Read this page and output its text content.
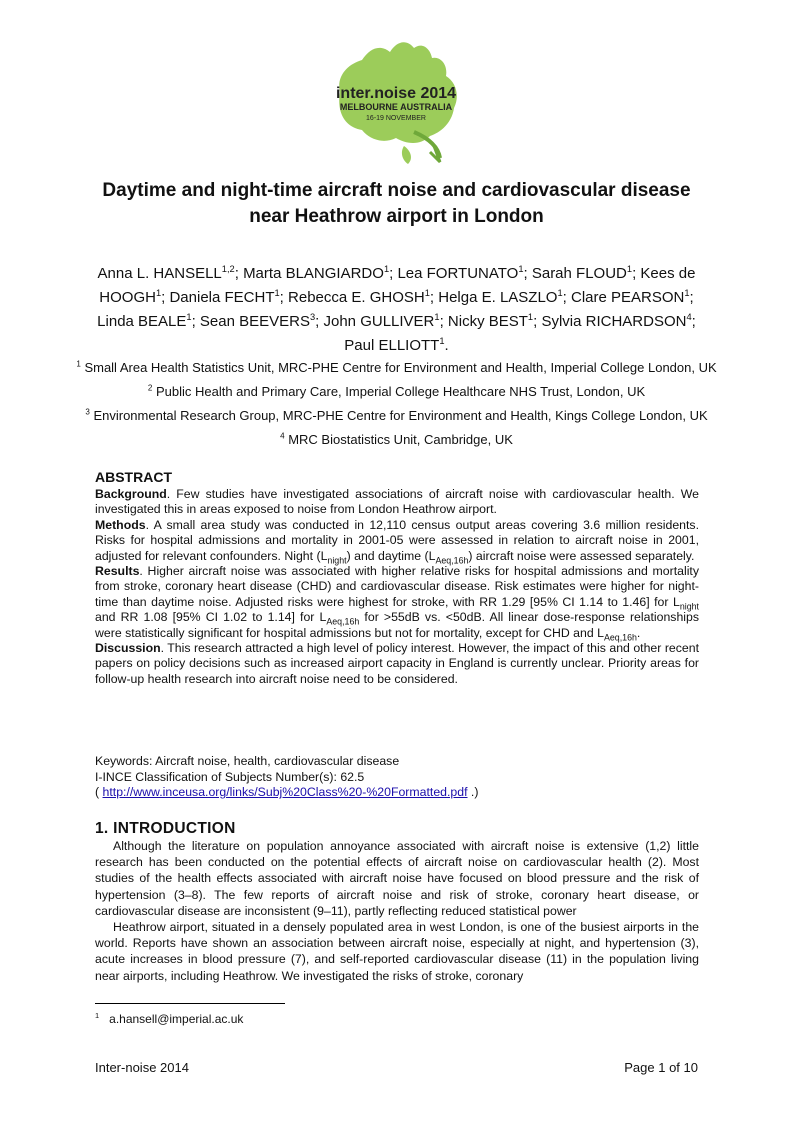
inter.noise 2014
MELBOURNE AUSTRALIA
16-19 NOVEMBER
Daytime and night-time aircraft noise and cardiovascular disease
near Heathrow airport in London
Anna L. HANSELL$^{1,2}$; Marta BLANGIARDO$^1$; Lea FORTUNATO$^1$; Sarah FLOUD$^1$; Kees de HOOGH$^1$; Daniela FECHT$^1$; Rebecca E. GHOSH$^1$; Helga E. LASZLO$^1$; Clare PEARSON$^1$; Linda BEALE$^1$; Sean BEEVERS$^3$; John GULLIVER$^1$; Nicky BEST$^1$; Sylvia RICHARDSON$^4$; Paul ELLIOTT$^1$.
$^1$ Small Area Health Statistics Unit, MRC-PHE Centre for Environment and Health, Imperial College London, UK
$^2$ Public Health and Primary Care, Imperial College Healthcare NHS Trust, London, UK
$^3$ Environmental Research Group, MRC-PHE Centre for Environment and Health, Kings College London, UK
$^4$ MRC Biostatistics Unit, Cambridge, UK
ABSTRACT

Background. Few studies have investigated associations of aircraft noise with cardiovascular health. We investigated this in areas exposed to noise from London Heathrow airport.

Methods. A small area study was conducted in 12,110 census output areas covering 3.6 million residents. Risks for hospital admissions and mortality in 2001-05 were assessed in relation to aircraft noise in 2001, adjusted for relevant confounders. Night $(L_{night})$ and daytime $(L_{Aeq,16h})$ aircraft noise were assessed separately.

Results. Higher aircraft noise was associated with higher relative risks for hospital admissions and mortality from stroke, coronary heart disease (CHD) and cardiovascular disease. Risk estimates were higher for night-time than daytime noise. Adjusted risks were highest for stroke, with RR 1.29 [95% CI 1.14 to 1.46] for $L_{night}$ and RR 1.08 [95% CI 1.02 to 1.14] for $L_{Aeq,16h}$ for >55dB vs. <50dB. All linear dose-response relationships were statistically significant for hospital admissions but not for mortality, except for CHD and $L_{Aeq,16h}$.

Discussion. This research attracted a high level of policy interest. However, the impact of this and other recent papers on policy decisions such as increased airport capacity in England is currently unclear. Priority areas for follow-up health research into aircraft noise need to be considered.

Keywords: Aircraft noise, health, cardiovascular disease
I-INCE Classification of Subjects Number(s): 62.5
( http://www.inceusa.org/links/Subj%20Class%20-%20Formatted.pdf .)
1. INTRODUCTION

Although the literature on population annoyance associated with aircraft noise is extensive (1,2) little research has been conducted on the potential effects of aircraft noise on cardiovascular health (2). Most studies of the health effects associated with aircraft noise have focused on blood pressure and the risk of hypertension (3–8). The few reports of aircraft noise and risk of stroke, coronary heart disease, or cardiovascular disease are inconsistent (9–11), partly reflecting reduced statistical power

Heathrow airport, situated in a densely populated area in west London, is one of the busiest airports in the world. Reports have shown an association between aircraft noise, especially at night, and hypertension (3), acute increases in blood pressure (7), and self-reported cardiovascular disease (11) in the population living near airports, including Heathrow. We investigated the risks of stroke, coronary

$^1$ a.hansell@imperial.ac.uk
Inter-noise 2014	Page 1 of 10
